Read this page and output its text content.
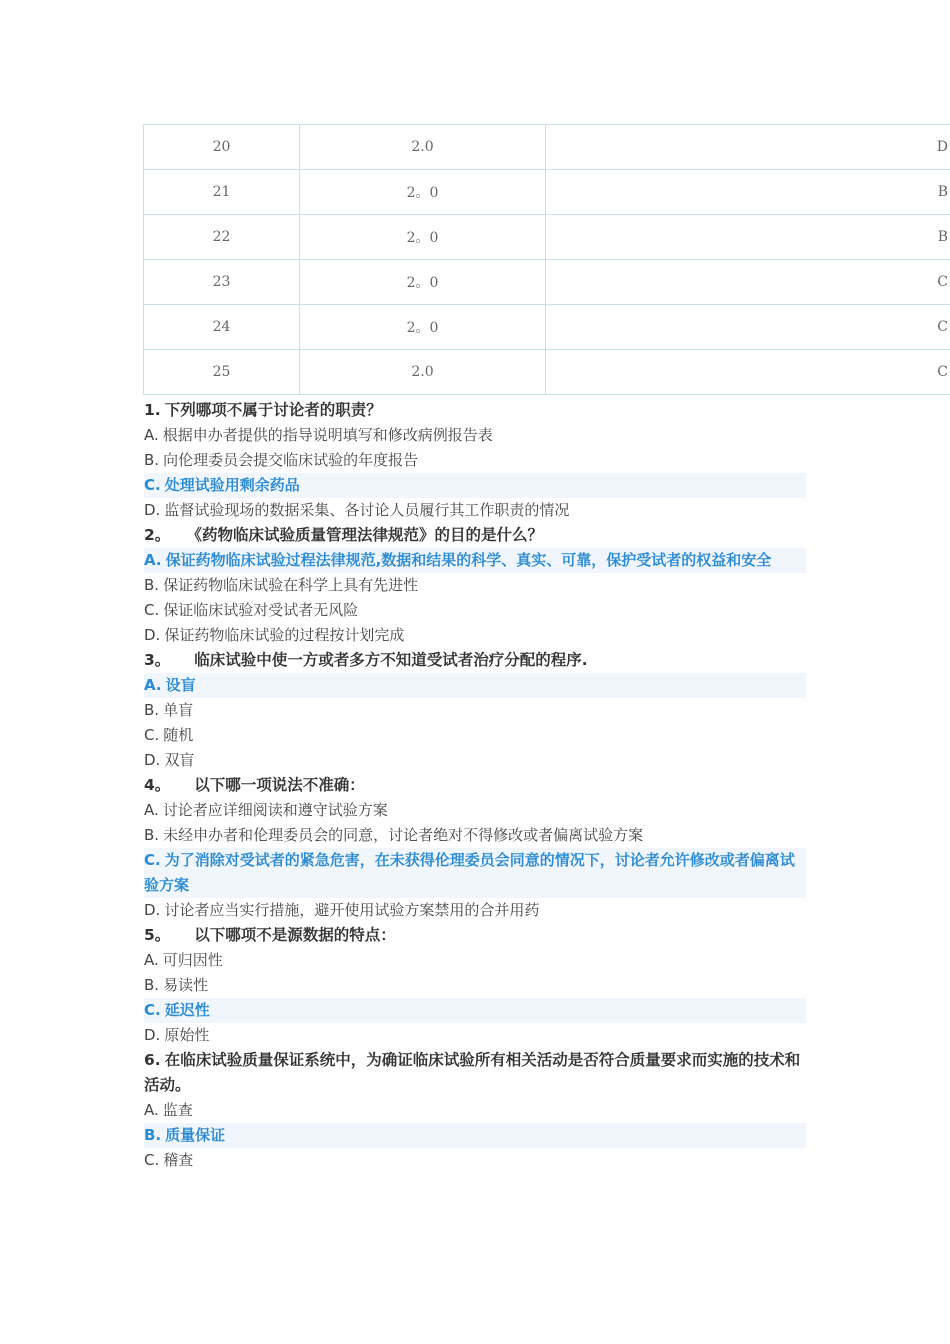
20	2.0	D
21	2。0	B
22	2。0	B
23	2。0	C
24	2。0	C
25	2.0	C
1. 下列哪项不属于讨论者的职责？
A. 根据申办者提供的指导说明填写和修改病例报告表
B. 向伦理委员会提交临床试验的年度报告
C. 处理试验用剩余药品
D. 监督试验现场的数据采集、各讨论人员履行其工作职责的情况
2。 《药物临床试验质量管理法律规范》的目的是什么？
A. 保证药物临床试验过程法律规范,数据和结果的科学、真实、可靠，保护受试者的权益和安全
B. 保证药物临床试验在科学上具有先进性
C. 保证临床试验对受试者无风险
D. 保证药物临床试验的过程按计划完成
3。 临床试验中使一方或者多方不知道受试者治疗分配的程序.
A. 设盲
B. 单盲
C. 随机
D. 双盲
4。 以下哪一项说法不准确：
A. 讨论者应详细阅读和遵守试验方案
B. 未经申办者和伦理委员会的同意，讨论者绝对不得修改或者偏离试验方案
C. 为了消除对受试者的紧急危害，在未获得伦理委员会同意的情况下，讨论者允许修改或者偏离试验方案
D. 讨论者应当实行措施，避开使用试验方案禁用的合并用药
5。 以下哪项不是源数据的特点：
A. 可归因性
B. 易读性
C. 延迟性
D. 原始性
6. 在临床试验质量保证系统中，为确证临床试验所有相关活动是否符合质量要求而实施的技术和活动。
A. 监查
B. 质量保证
C. 稽查
